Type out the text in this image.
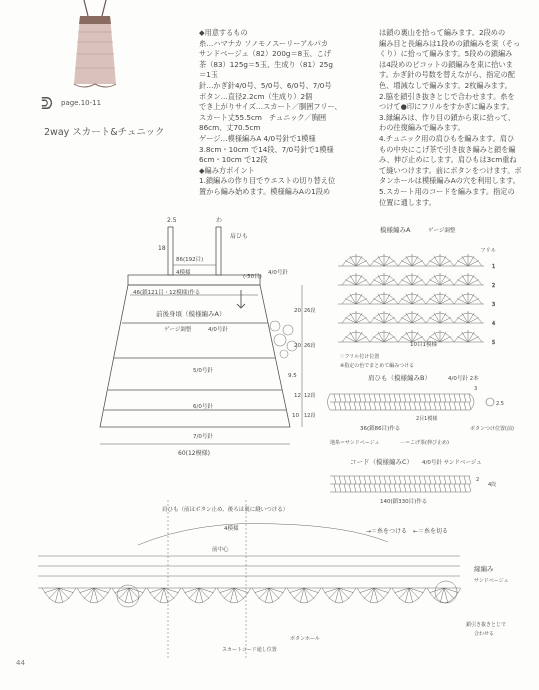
ᕲ page.10-11
2way スカート&チュニック

◆用意するもの

糸…ハマナカ ソノモノスーリーアルパカ

サンドベージュ（82）200g＝8玉、こげ

茶（83）125g＝5玉、生成り（81）25g

＝1玉

針…かぎ針4/0号、5/0号、6/0号、7/0号

ボタン…直径2.2cm（生成り）2個

でき上がりサイズ…スカート／胴囲フリー、

スカート丈55.5cm　チュニック／胸囲

86cm、丈70.5cm

ゲージ…模様編みA 4/0号針で1模様

3.8cm・10cm で14段、7/0号針で1模様

6cm・10cm で12段

◆編み方ポイント

1.鎖編みの作り目でウエストの切り替え位

置から編み始めます。模様編みAの1段め

は鎖の裏山を拾って編みます。2段めの

編み目と長編みは1段めの鎖編みを束（そっ

くり）に拾って編みます。5段めの鎖編み

は4段めのピコットの鎖編みを束に拾いま

す。かぎ針の号数を替えながら、指定の配

色、増減なしで編みます。2枚編みます。

2.脇を鎖引き抜きとじで合わせます。糸を

つけて●印にフリルをすかぎに編みます。

3.縁編みは、作り目の鎖から束に拾って、

わの往復編みで編みます。

4.チュニック用の肩ひもを編みます。肩ひ

もの中央にこげ茶で引き抜き編みと鎖を編

み、伸び止めにします。肩ひもは3cm重ね

て縫いつけます。前にボタンをつけます。ボ

タンホールは模様編みAの穴を利用します。

5.スカート用のコードを編みます。指定の

位置に通します。

2.5	わ
肩ひも
18
86(192目)
4模様
(-50目)
4/0号針
46(鎖121目・12模様)作る
前後身頃（模様編みA）
ゲージ調整	4/0号針
5/0号針
6/0号針
7/0号針
20 26段
20 26段
9.5
12 12段
10 12段
60(12模様)
模様編みA	ゲージ調整
フリル
1
2
3
4
5
10目1模様
♡フリル付け位置
※指定の色でまとめて編みつける
肩ひも（模様編みB）	4/0号針 2本
3
2.5
2目1模様
36(鎖86目)作る	ボタンつけ位置(前)
地糸＝サンドベージュ	－＝こげ茶(伸び止め)
コード（模様編みC） 4/0号針 サンドベージュ
2
4段
140(鎖330目)作る
→＝糸をつける　←＝糸を切る
肩ひも（前はボタン止め、後ろは裏に縫いつける）
4模様
前中心
縁編み
サンドベージュ
鎖引き抜きとじで
合わせる
ボタンホール
スカートコード通し位置
44
